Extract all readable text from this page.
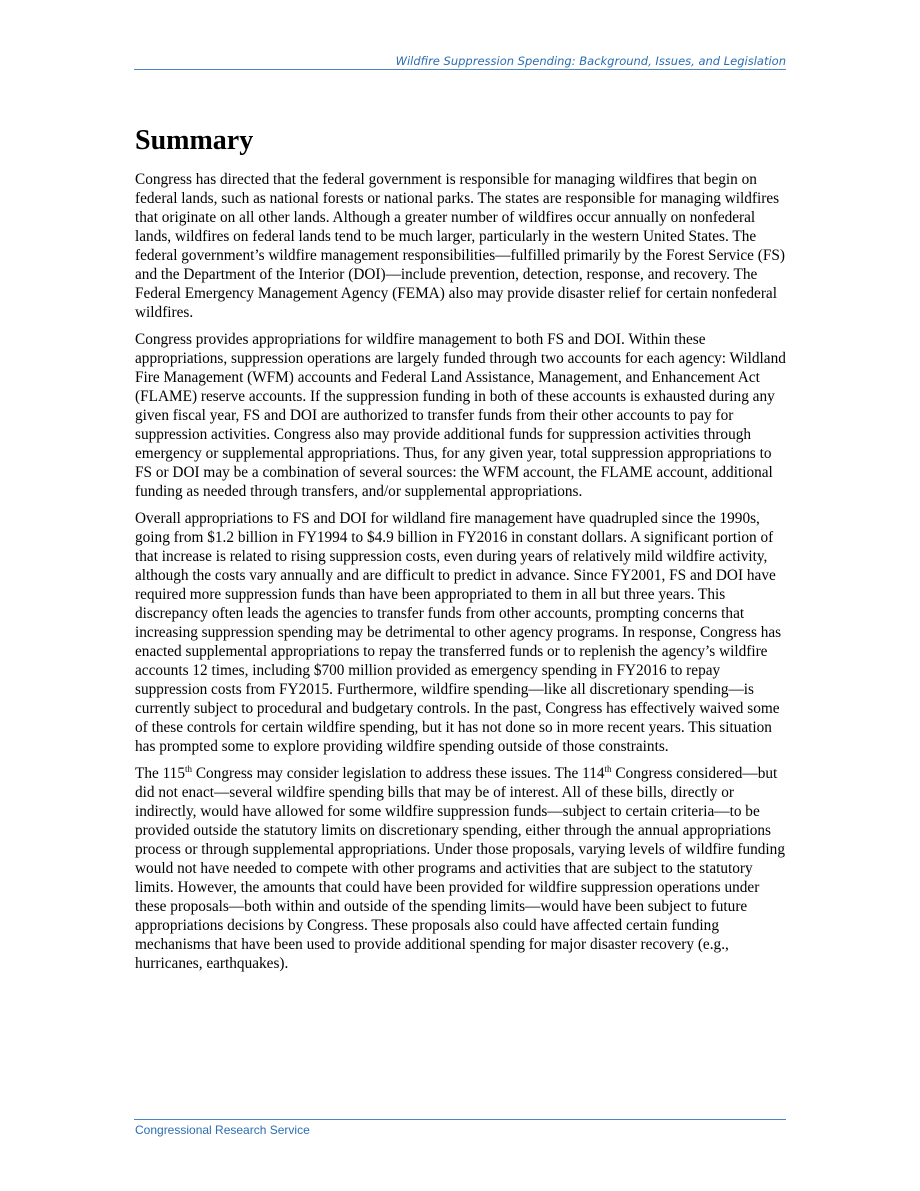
Wildfire Suppression Spending: Background, Issues, and Legislation
Summary

Congress has directed that the federal government is responsible for managing wildfires that begin on federal lands, such as national forests or national parks. The states are responsible for managing wildfires that originate on all other lands. Although a greater number of wildfires occur annually on nonfederal lands, wildfires on federal lands tend to be much larger, particularly in the western United States. The federal government’s wildfire management responsibilities—fulfilled primarily by the Forest Service (FS) and the Department of the Interior (DOI)—include prevention, detection, response, and recovery. The Federal Emergency Management Agency (FEMA) also may provide disaster relief for certain nonfederal wildfires.

Congress provides appropriations for wildfire management to both FS and DOI. Within these appropriations, suppression operations are largely funded through two accounts for each agency: Wildland Fire Management (WFM) accounts and Federal Land Assistance, Management, and Enhancement Act (FLAME) reserve accounts. If the suppression funding in both of these accounts is exhausted during any given fiscal year, FS and DOI are authorized to transfer funds from their other accounts to pay for suppression activities. Congress also may provide additional funds for suppression activities through emergency or supplemental appropriations. Thus, for any given year, total suppression appropriations to FS or DOI may be a combination of several sources: the WFM account, the FLAME account, additional funding as needed through transfers, and/or supplemental appropriations.

Overall appropriations to FS and DOI for wildland fire management have quadrupled since the 1990s, going from $1.2 billion in FY1994 to $4.9 billion in FY2016 in constant dollars. A significant portion of that increase is related to rising suppression costs, even during years of relatively mild wildfire activity, although the costs vary annually and are difficult to predict in advance. Since FY2001, FS and DOI have required more suppression funds than have been appropriated to them in all but three years. This discrepancy often leads the agencies to transfer funds from other accounts, prompting concerns that increasing suppression spending may be detrimental to other agency programs. In response, Congress has enacted supplemental appropriations to repay the transferred funds or to replenish the agency’s wildfire accounts 12 times, including $700 million provided as emergency spending in FY2016 to repay suppression costs from FY2015. Furthermore, wildfire spending—like all discretionary spending—is currently subject to procedural and budgetary controls. In the past, Congress has effectively waived some of these controls for certain wildfire spending, but it has not done so in more recent years. This situation has prompted some to explore providing wildfire spending outside of those constraints.

The 115th Congress may consider legislation to address these issues. The 114th Congress considered—but did not enact—several wildfire spending bills that may be of interest. All of these bills, directly or indirectly, would have allowed for some wildfire suppression funds—subject to certain criteria—to be provided outside the statutory limits on discretionary spending, either through the annual appropriations process or through supplemental appropriations. Under those proposals, varying levels of wildfire funding would not have needed to compete with other programs and activities that are subject to the statutory limits. However, the amounts that could have been provided for wildfire suppression operations under these proposals—both within and outside of the spending limits—would have been subject to future appropriations decisions by Congress. These proposals also could have affected certain funding mechanisms that have been used to provide additional spending for major disaster recovery (e.g., hurricanes, earthquakes).

Congressional Research Service
